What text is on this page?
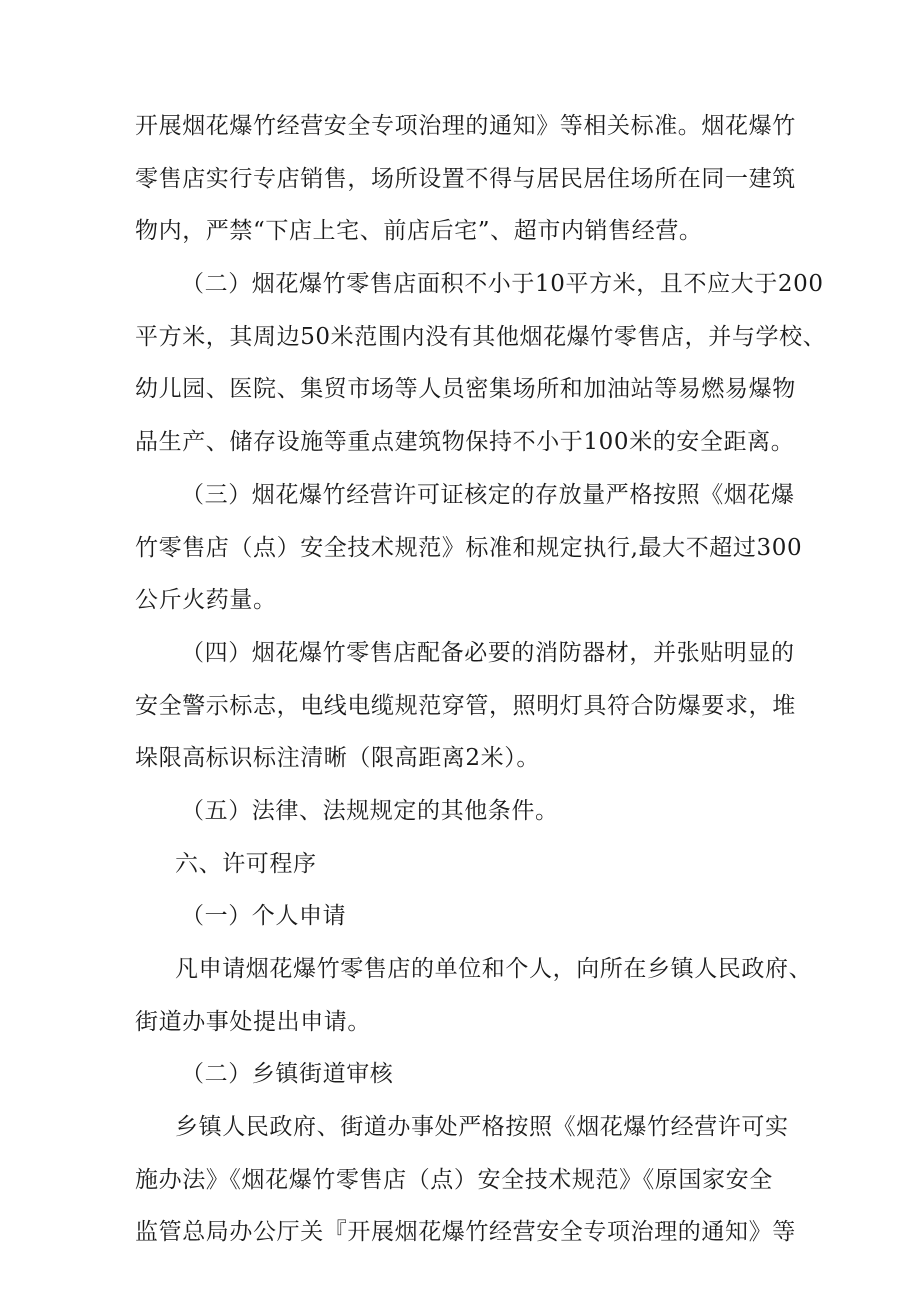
开展烟花爆竹经营安全专项治理的通知》等相关标准。烟花爆竹
零售店实行专店销售，场所设置不得与居民居住场所在同一建筑
物内，严禁“下店上宅、前店后宅”、超市内销售经营。
（二）烟花爆竹零售店面积不小于10平方米，且不应大于200
平方米，其周边50米范围内没有其他烟花爆竹零售店，并与学校、
幼儿园、医院、集贸市场等人员密集场所和加油站等易燃易爆物
品生产、储存设施等重点建筑物保持不小于100米的安全距离。
（三）烟花爆竹经营许可证核定的存放量严格按照《烟花爆
竹零售店（点）安全技术规范》标准和规定执行,最大不超过300
公斤火药量。
（四）烟花爆竹零售店配备必要的消防器材，并张贴明显的
安全警示标志，电线电缆规范穿管，照明灯具符合防爆要求，堆
垛限高标识标注清晰（限高距离2米）。
（五）法律、法规规定的其他条件。
六、许可程序
（一）个人申请
凡申请烟花爆竹零售店的单位和个人，向所在乡镇人民政府、
街道办事处提出申请。
（二）乡镇街道审核
乡镇人民政府、街道办事处严格按照《烟花爆竹经营许可实
施办法》《烟花爆竹零售店（点）安全技术规范》《原国家安全
监管总局办公厅关『开展烟花爆竹经营安全专项治理的通知》等
